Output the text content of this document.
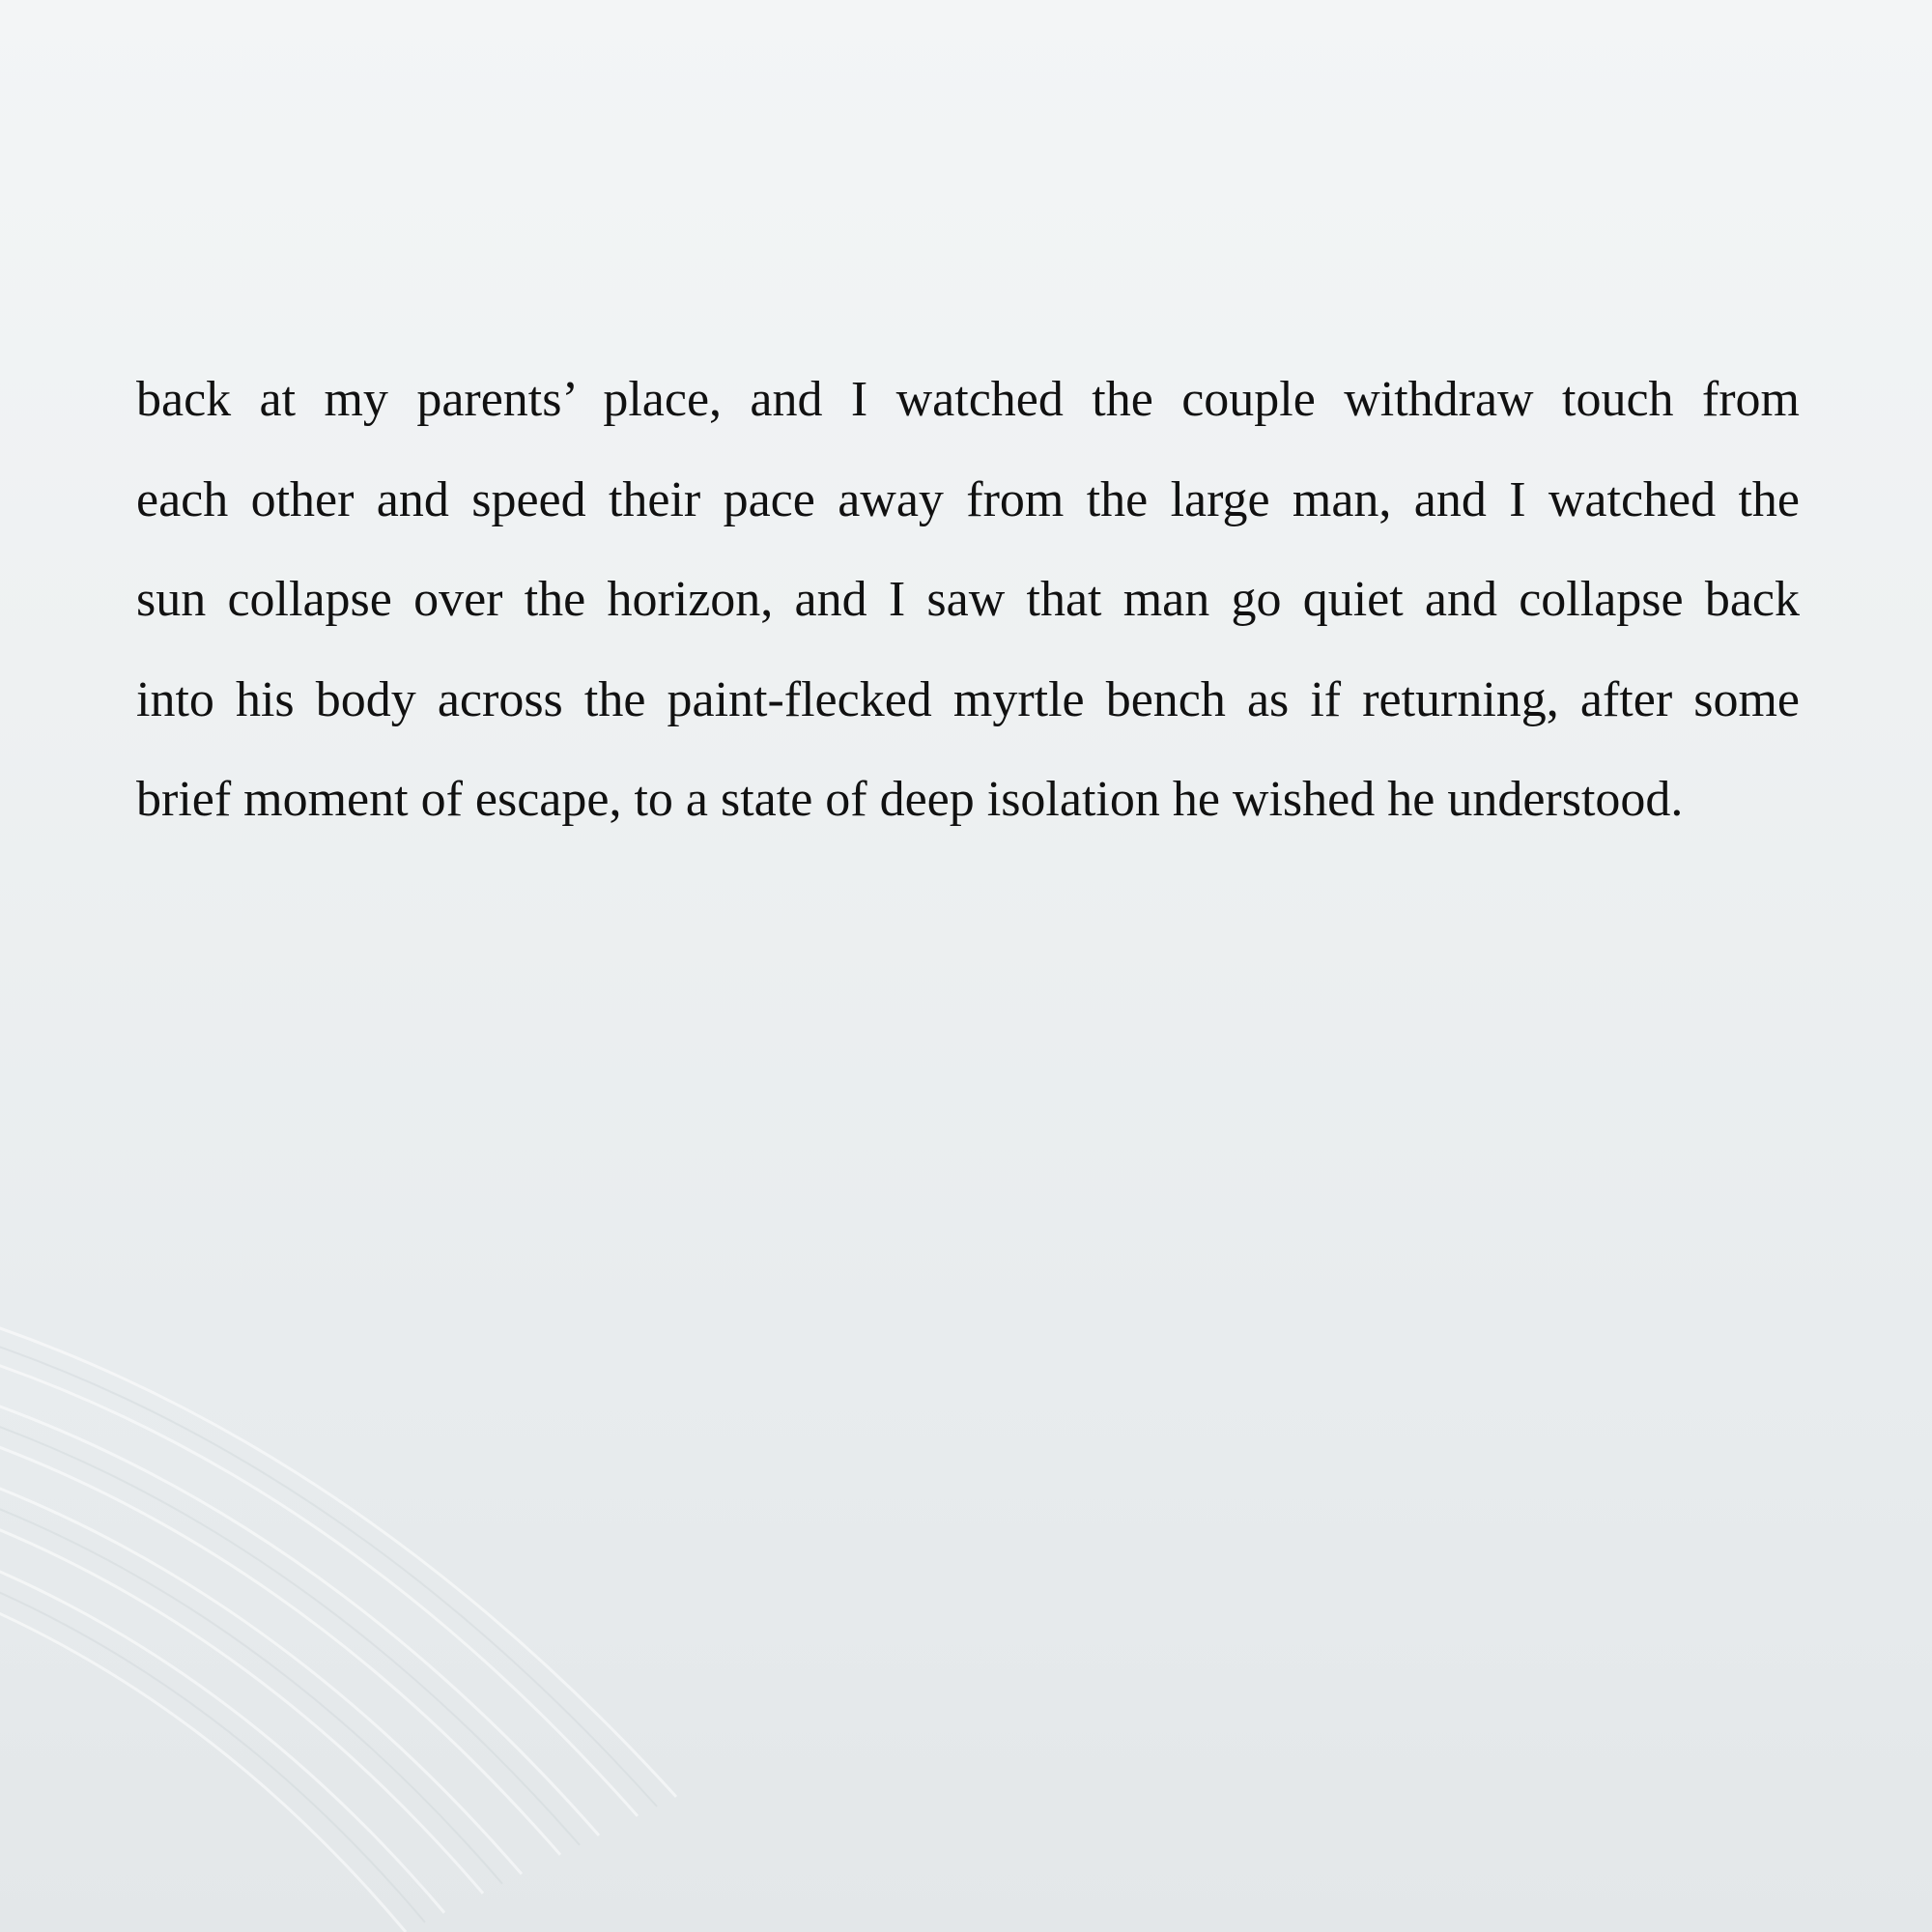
back at my parents’ place, and I watched the couple withdraw touch from
each other and speed their pace away from the large man, and I watched the
sun collapse over the horizon, and I saw that man go quiet and collapse back
into his body across the paint-flecked myrtle bench as if returning, after some
brief moment of escape, to a state of deep isolation he wished he understood.
